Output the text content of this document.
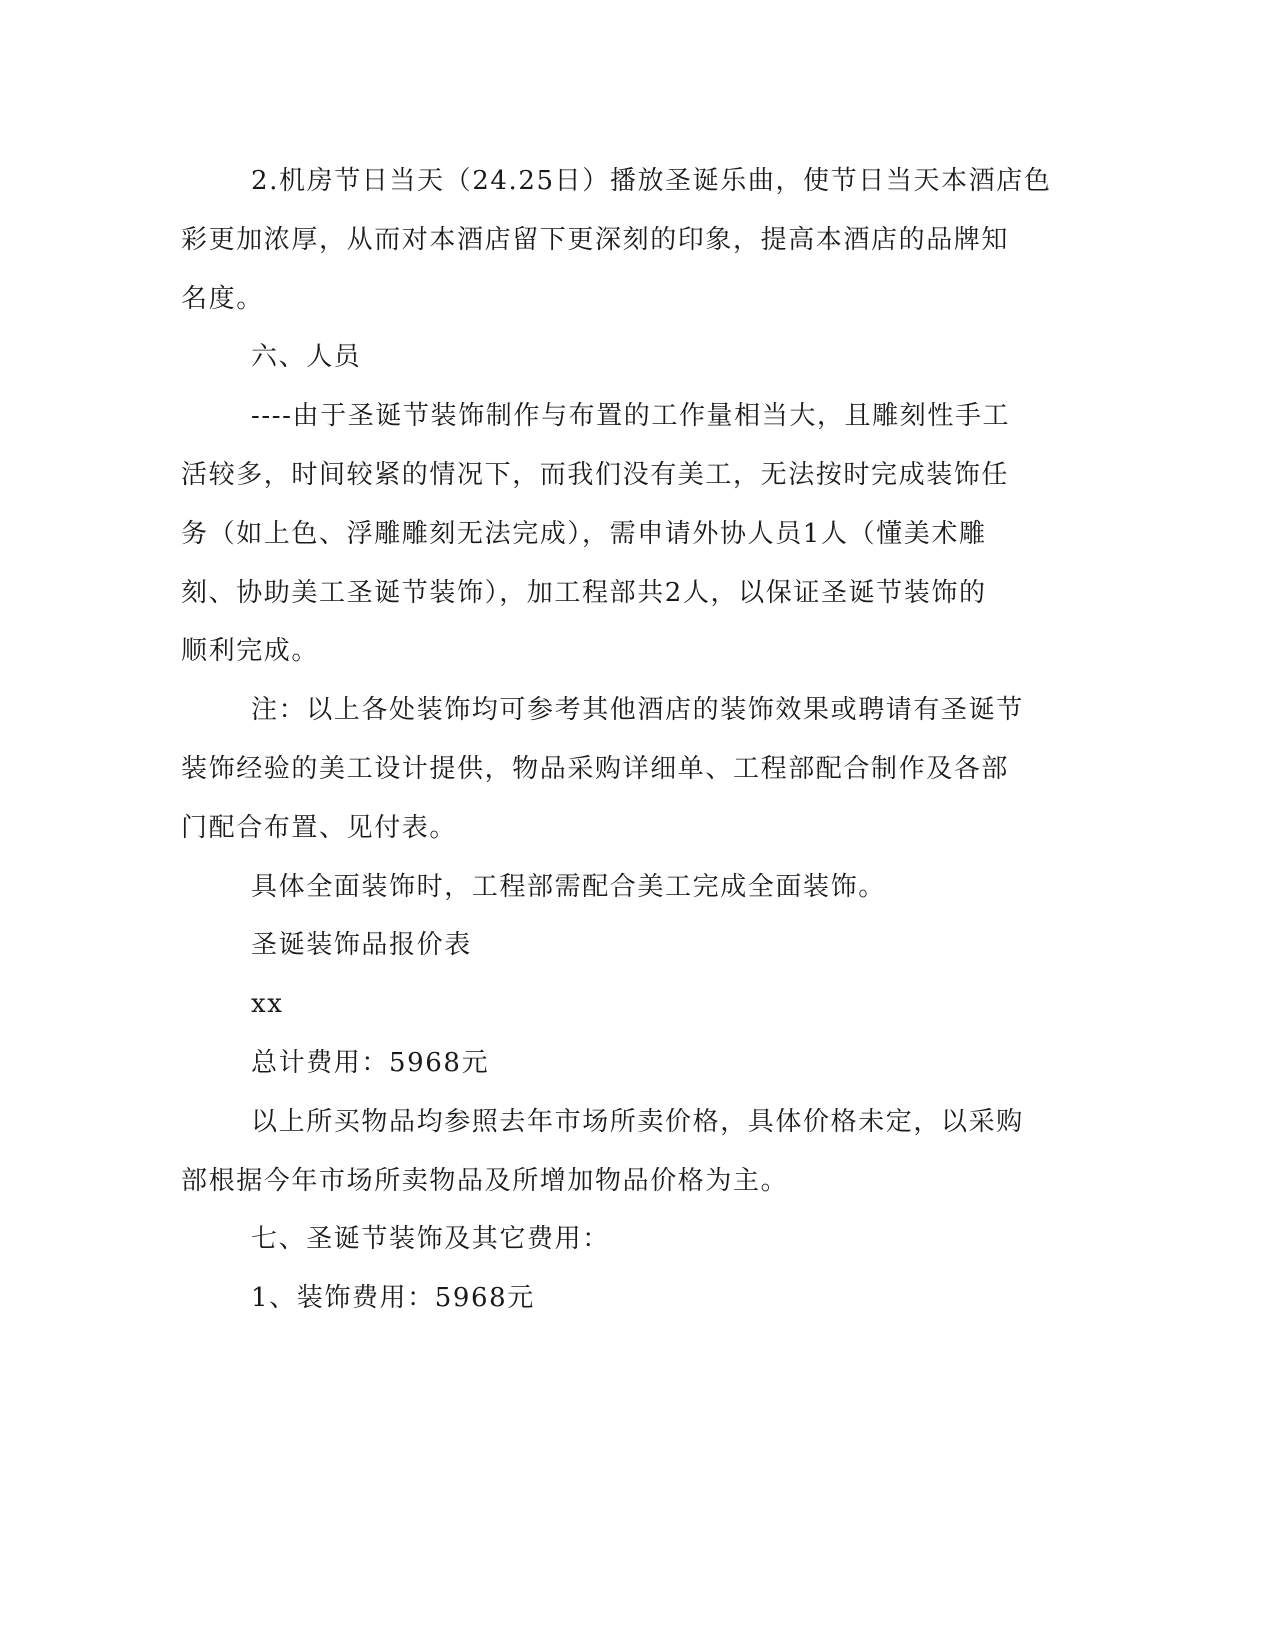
2.机房节日当天（24.25日）播放圣诞乐曲，使节日当天本酒店色
彩更加浓厚，从而对本酒店留下更深刻的印象，提高本酒店的品牌知
名度。
六、人员
----由于圣诞节装饰制作与布置的工作量相当大，且雕刻性手工
活较多，时间较紧的情况下，而我们没有美工，无法按时完成装饰任
务（如上色、浮雕雕刻无法完成），需申请外协人员1人（懂美术雕
刻、协助美工圣诞节装饰），加工程部共2人，以保证圣诞节装饰的
顺利完成。
注：以上各处装饰均可参考其他酒店的装饰效果或聘请有圣诞节
装饰经验的美工设计提供，物品采购详细单、工程部配合制作及各部
门配合布置、见付表。
具体全面装饰时，工程部需配合美工完成全面装饰。
圣诞装饰品报价表
xx
总计费用：5968元
以上所买物品均参照去年市场所卖价格，具体价格未定，以采购
部根据今年市场所卖物品及所增加物品价格为主。
七、圣诞节装饰及其它费用：
1、装饰费用：5968元
